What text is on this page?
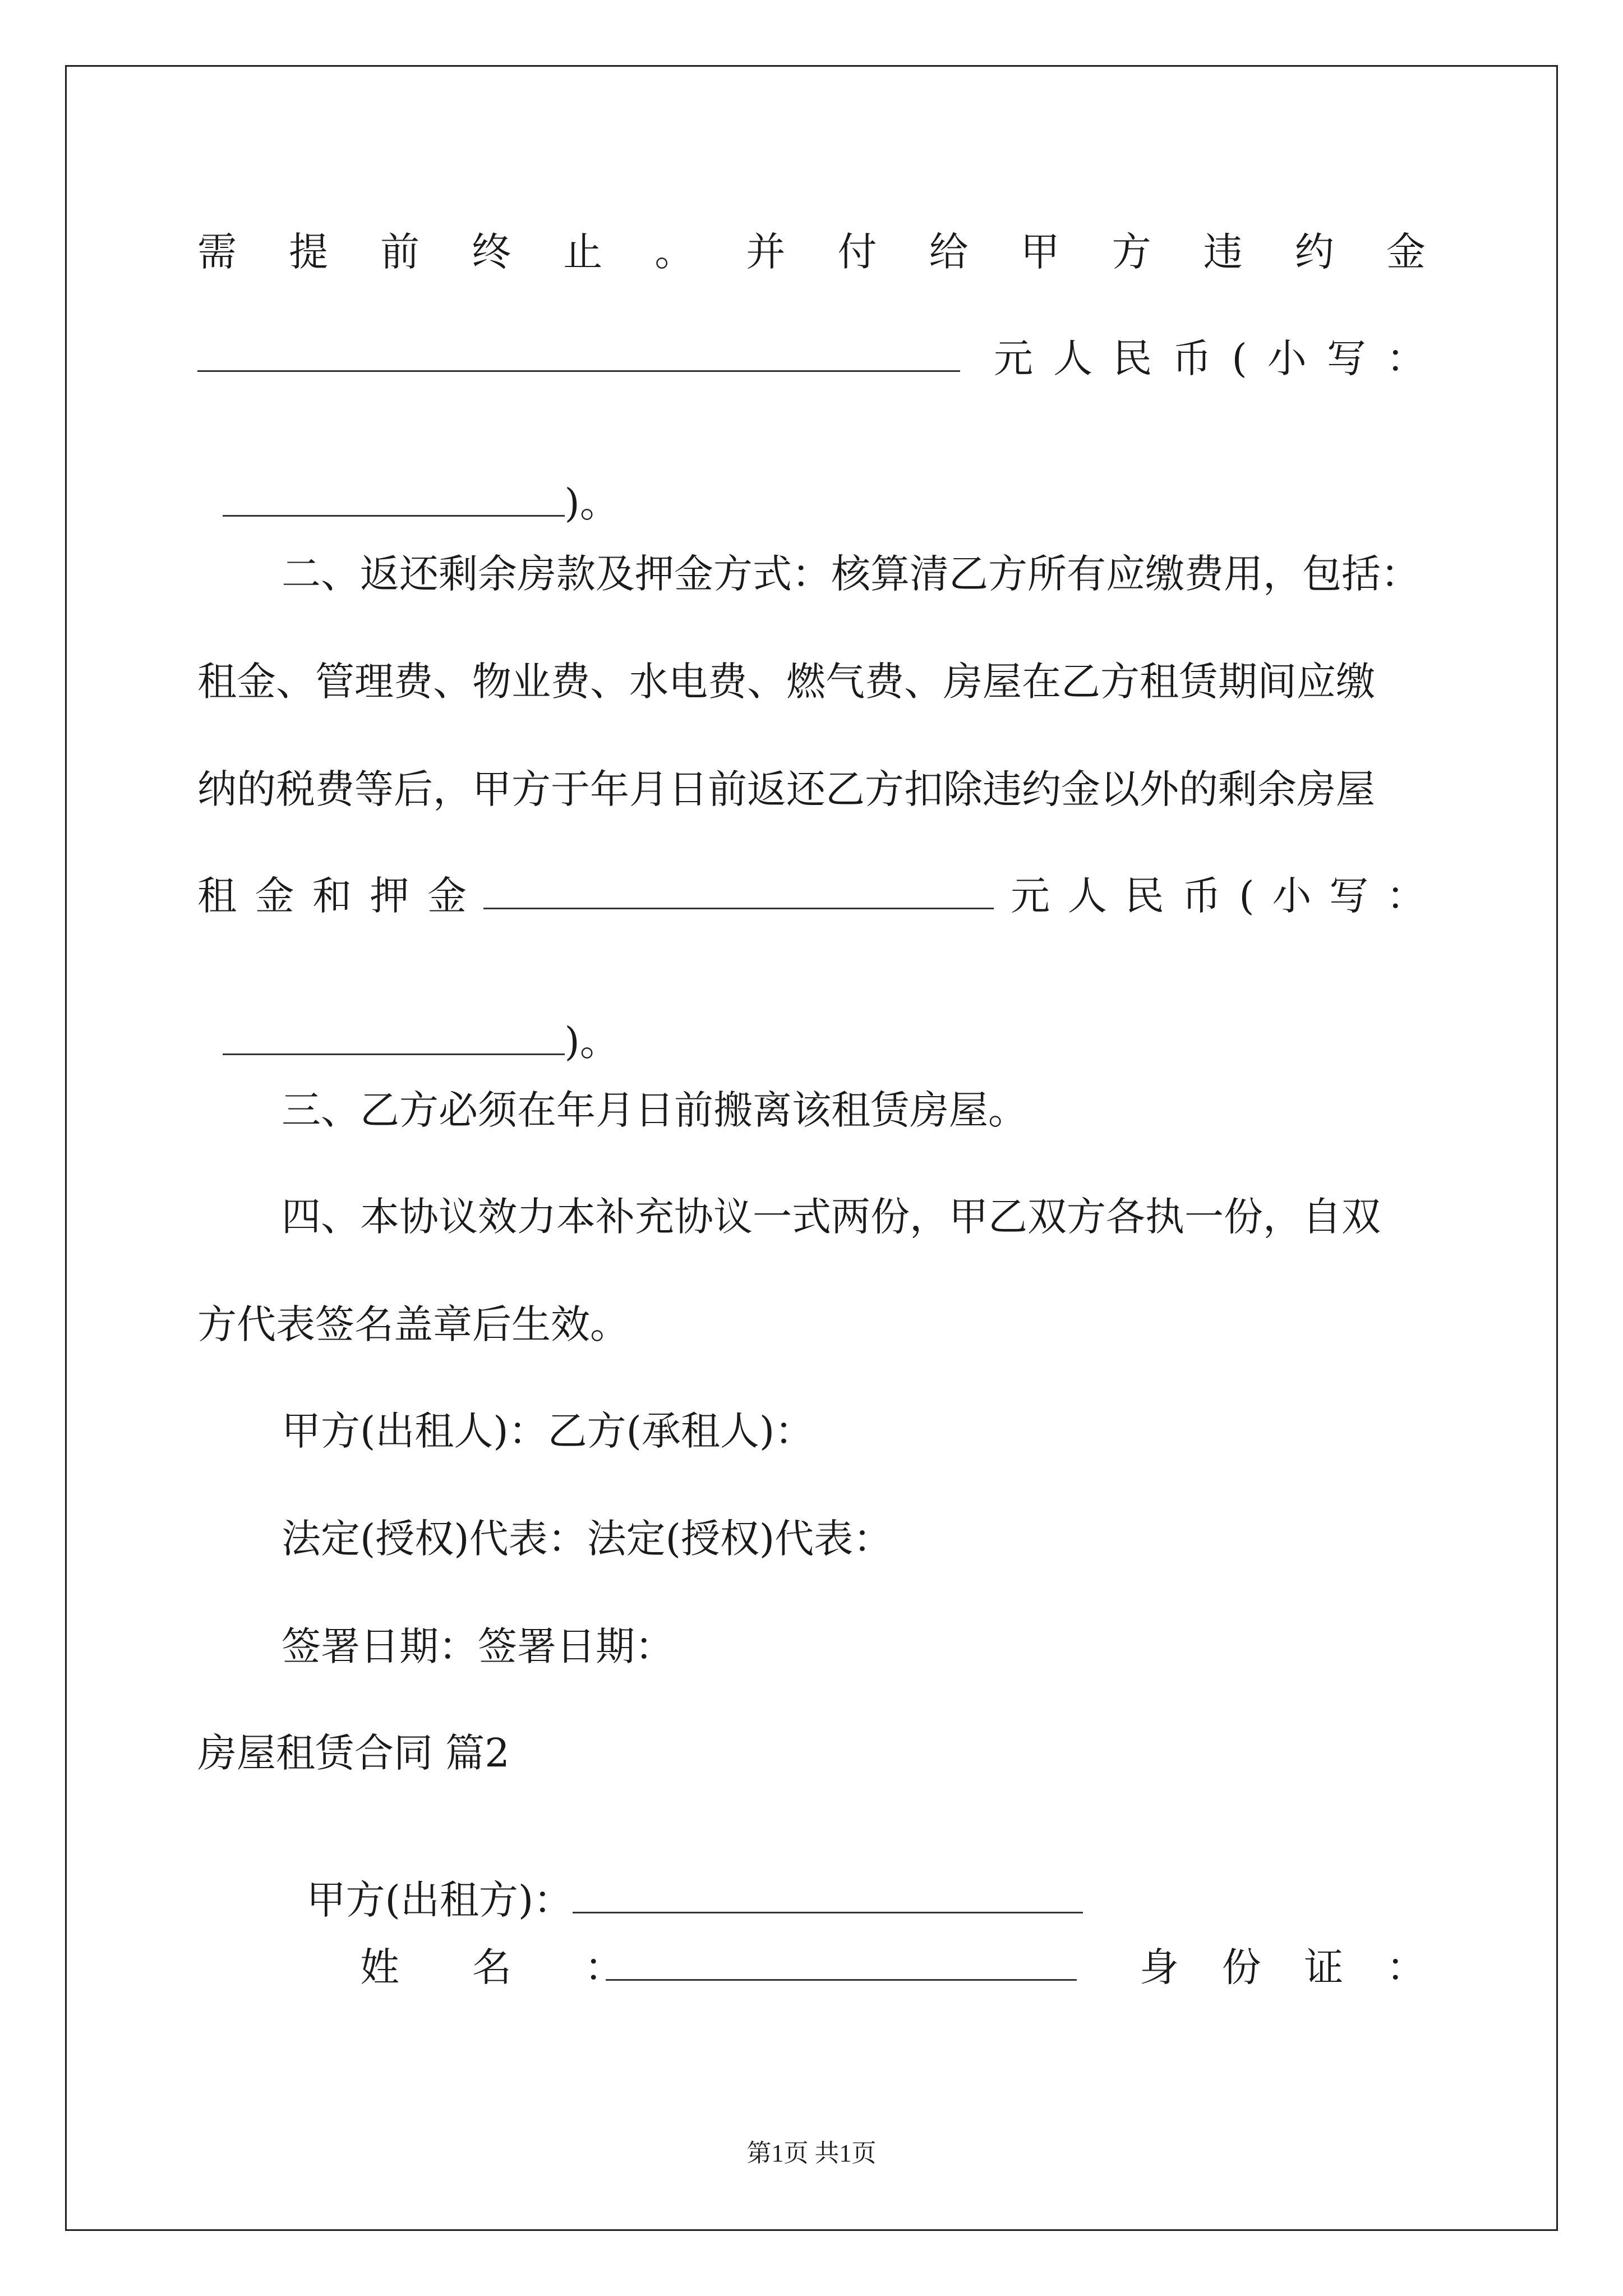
需 提 前 终 止 。 并 付 给 甲 方 违 约 金

元 人 民 币 ( 小 写 ：

)。

二、返还剩余房款及押金方式：核算清乙方所有应缴费用，包括：
租金、管理费、物业费、水电费、燃气费、房屋在乙方租赁期间应缴
纳的税费等后，甲方于年月日前返还乙方扣除违约金以外的剩余房屋

租 金 和 押 金

	元 人 民 币 ( 小 写 ：

)。

三、乙方必须在年月日前搬离该租赁房屋。
四、本协议效力本补充协议一式两份，甲乙双方各执一份，自双
方代表签名盖章后生效。
甲方(出租人)：乙方(承租人)：
法定(授权)代表：法定(授权)代表：
签署日期：签署日期：
房屋租赁合同 篇2

甲方(出租方)：

姓 名 ：

	身 份 证 ：

第1页 共1页
